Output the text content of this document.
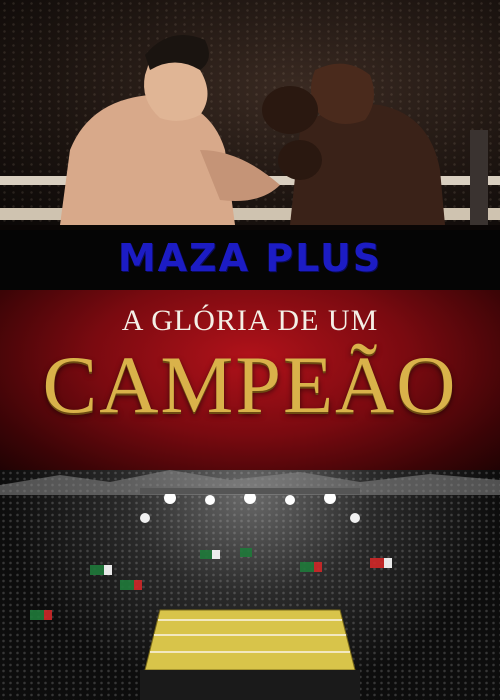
MAZA PLUS
A GLÓRIA DE UM
CAMPEÃO
